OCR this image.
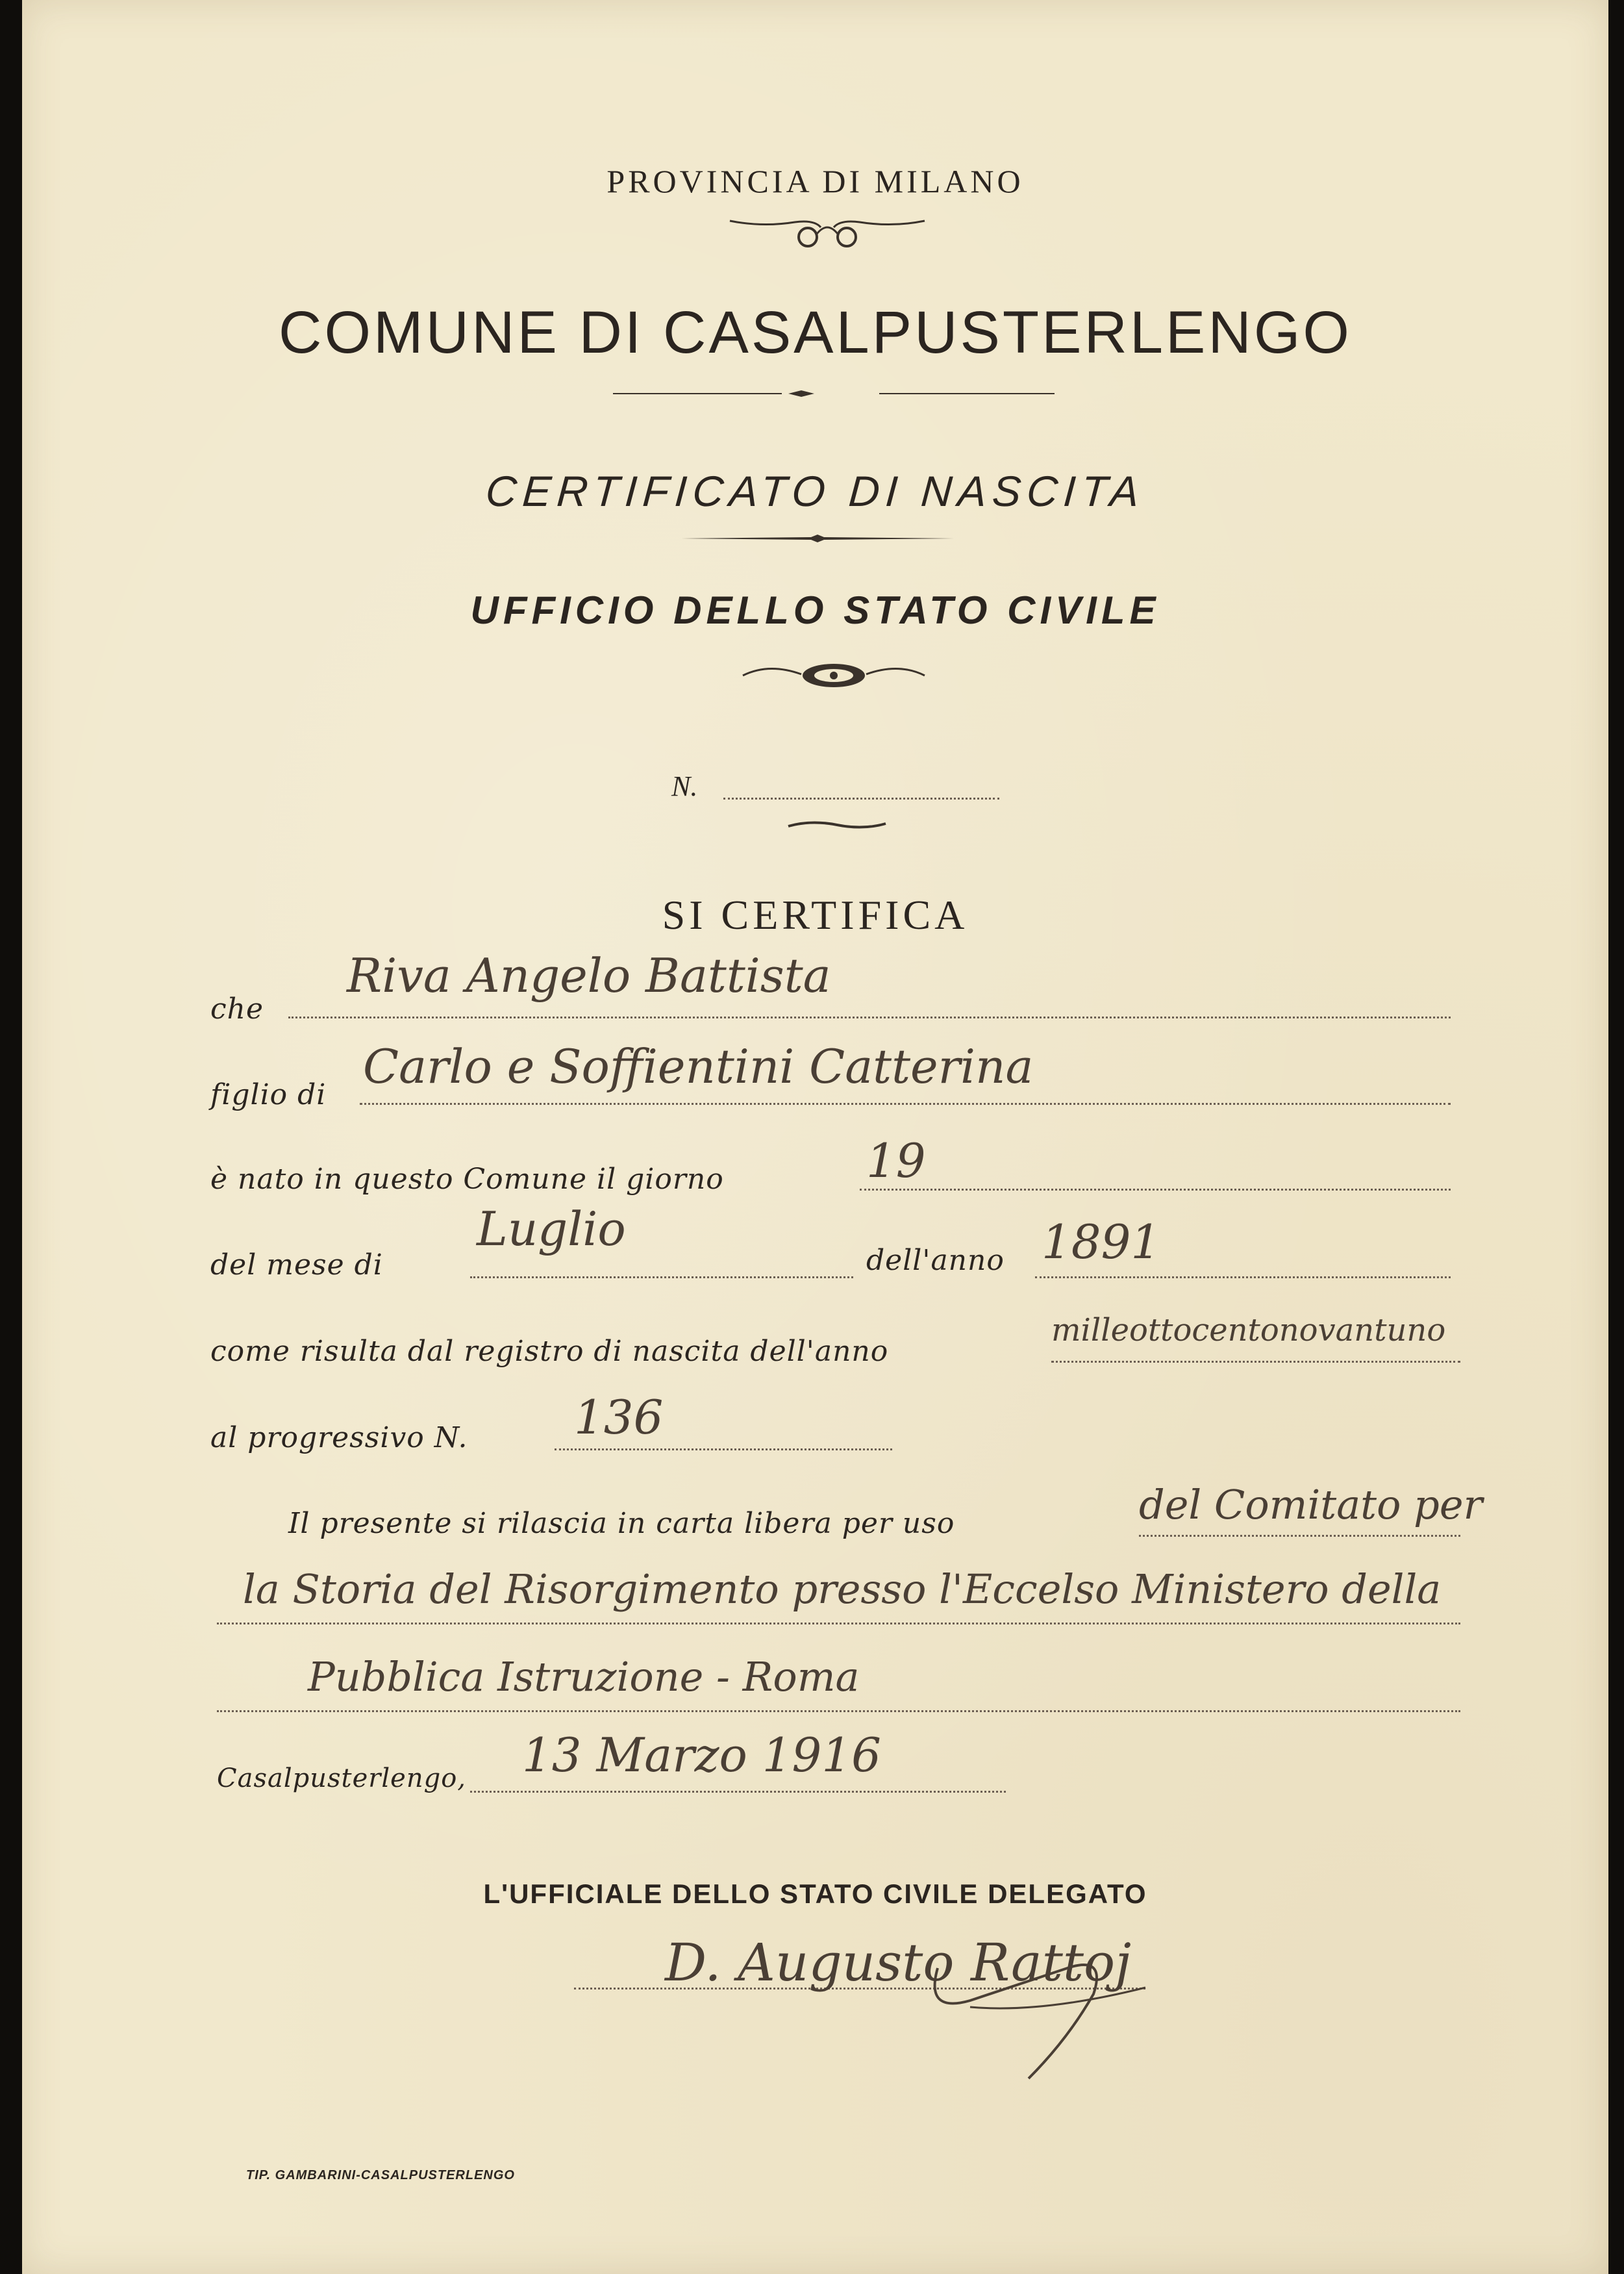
PROVINCIA DI MILANO
COMUNE DI CASALPUSTERLENGO
CERTIFICATO DI NASCITA
UFFICIO DELLO STATO CIVILE
N.
SI CERTIFICA
che
Riva Angelo Battista
figlio di
Carlo e Soffientini Catterina
è nato in questo Comune il giorno	19
del mese di
Luglio
dell'anno 1891
come risulta dal registro di nascita dell'anno
milleottocentonovantuno
al progressivo N. 136
Il presente si rilascia in carta libera per uso	del Comitato per
la Storia del Risorgimento presso l'Eccelso Ministero della
Pubblica Istruzione - Roma
Casalpusterlengo, 13 Marzo 1916
L'UFFICIALE DELLO STATO CIVILE DELEGATO
D. Augusto Rattoj
TIP. GAMBARINI-CASALPUSTERLENGO
